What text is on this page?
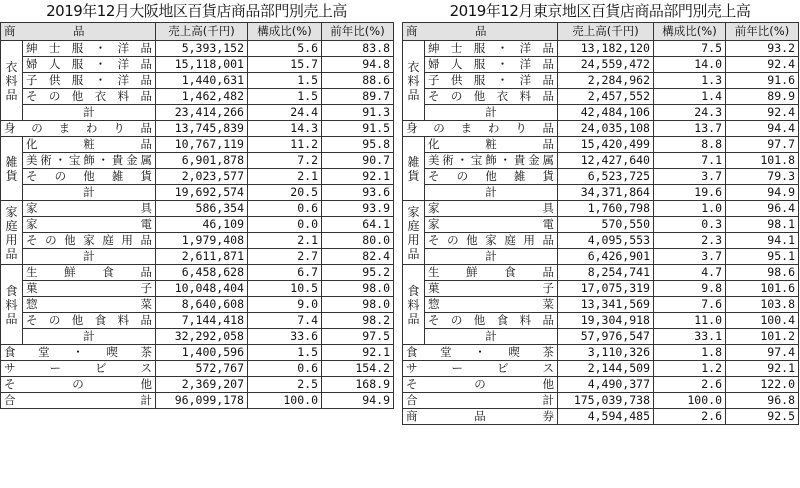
2019年12月大阪地区百貨店商品部門別売上高
商　　　　　品		売上高(千円)	構成比(%)	前年比(%)
衣料品	紳士服・洋品	5,393,152	5.6	83.8
	婦人服・洋品	15,118,001	15.7	94.8
	子供服・洋品	1,440,631	1.5	88.6
	その他衣料品	1,462,482	1.5	89.7
	計	23,414,266	24.4	91.3
身のまわり品		13,745,839	14.3	91.5
雑貨	化　粧　品	10,767,119	11.2	95.8
	美術・宝飾・貴金属	6,901,878	7.2	90.7
	その他雑貨	2,023,577	2.1	92.1
	計	19,692,574	20.5	93.6
家庭用品	家　具	586,354	0.6	93.9
	家　電	46,109	0.0	64.1
	その他家庭用品	1,979,408	2.1	80.0
	計	2,611,871	2.7	82.4
食料品	生鮮食品	6,458,628	6.7	95.2
	菓　子	10,048,404	10.5	98.0
	惣　菜	8,640,608	9.0	98.0
	その他食料品	7,144,418	7.4	98.2
	計	32,292,058	33.6	97.5
食堂・喫茶		1,400,596	1.5	92.1
サービス		572,767	0.6	154.2
その他		2,369,207	2.5	168.9
合　計		96,099,178	100.0	94.9
2019年12月東京地区百貨店商品部門別売上高
商　　　　　品		売上高(千円)	構成比(%)	前年比(%)
衣料品	紳士服・洋品	13,182,120	7.5	93.2
	婦人服・洋品	24,559,472	14.0	92.4
	子供服・洋品	2,284,962	1.3	91.6
	その他衣料品	2,457,552	1.4	89.9
	計	42,484,106	24.3	92.4
身のまわり品		24,035,108	13.7	94.4
雑貨	化　粧　品	15,420,499	8.8	97.7
	美術・宝飾・貴金属	12,427,640	7.1	101.8
	その他雑貨	6,523,725	3.7	79.3
	計	34,371,864	19.6	94.9
家庭用品	家　具	1,760,798	1.0	96.4
	家　電	570,550	0.3	98.1
	その他家庭用品	4,095,553	2.3	94.1
	計	6,426,901	3.7	95.1
食料品	生鮮食品	8,254,741	4.7	98.6
	菓　子	17,075,319	9.8	101.6
	惣　菜	13,341,569	7.6	103.8
	その他食料品	19,304,918	11.0	100.4
	計	57,976,547	33.1	101.2
食堂・喫茶		3,110,326	1.8	97.4
サービス		2,144,509	1.2	92.1
その他		4,490,377	2.6	122.0
合　計		175,039,738	100.0	96.8
商品券		4,594,485	2.6	92.5
